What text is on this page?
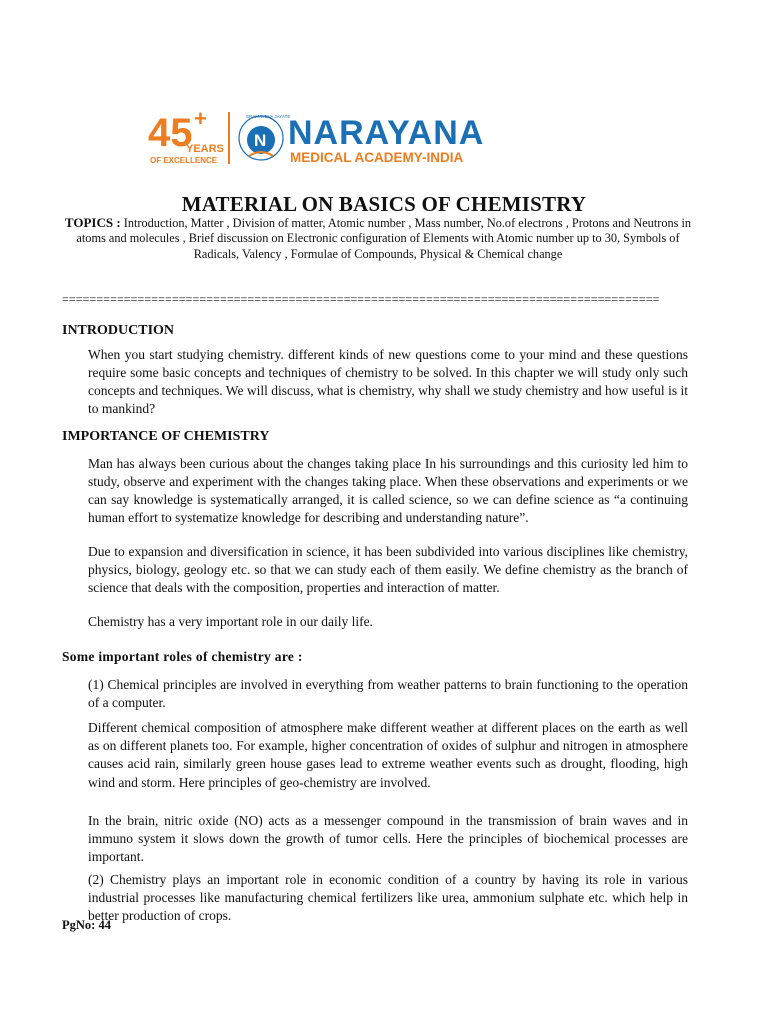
45 +
YEARS
OF EXCELLENCE
N
SRAMAVEVA JAYATE
NARAYANA
MEDICAL ACADEMY-INDIA
MATERIAL ON BASICS OF CHEMISTRY
TOPICS : Introduction, Matter , Division of matter, Atomic number , Mass number, No.of electrons , Protons and Neutrons in atoms and molecules , Brief discussion on Electronic configuration of Elements with Atomic number up to 30, Symbols of Radicals, Valency , Formulae of Compounds, Physical & Chemical change
=======================================================================================
INTRODUCTION
When you start studying chemistry. different kinds of new questions come to your mind and these questions require some basic concepts and techniques of chemistry to be solved. In this chapter we will study only such concepts and techniques. We will discuss, what is chemistry, why shall we study chemistry and how useful is it to mankind?
IMPORTANCE OF CHEMISTRY
Man has always been curious about the changes taking place In his surroundings and this curiosity led him to study, observe and experiment with the changes taking place. When these observations and experiments or we can say knowledge is systematically arranged, it is called science, so we can define science as “a continuing human effort to systematize knowledge for describing and understanding nature”.
Due to expansion and diversification in science, it has been subdivided into various disciplines like chemistry, physics, biology, geology etc. so that we can study each of them easily. We define chemistry as the branch of science that deals with the composition, properties and interaction of matter.
Chemistry has a very important role in our daily life.
Some important roles of chemistry are :
(1) Chemical principles are involved in everything from weather patterns to brain functioning to the operation of a computer.
Different chemical composition of atmosphere make different weather at different places on the earth as well as on different planets too. For example, higher concentration of oxides of sulphur and nitrogen in atmosphere causes acid rain, similarly green house gases lead to extreme weather events such as drought, flooding, high wind and storm. Here principles of geo-chemistry are involved.
In the brain, nitric oxide (NO) acts as a messenger compound in the transmission of brain waves and in immuno system it slows down the growth of tumor cells. Here the principles of biochemical processes are important.
(2) Chemistry plays an important role in economic condition of a country by having its role in various industrial processes like manufacturing chemical fertilizers like urea, ammonium sulphate etc. which help in better production of crops.
PgNo: 44
